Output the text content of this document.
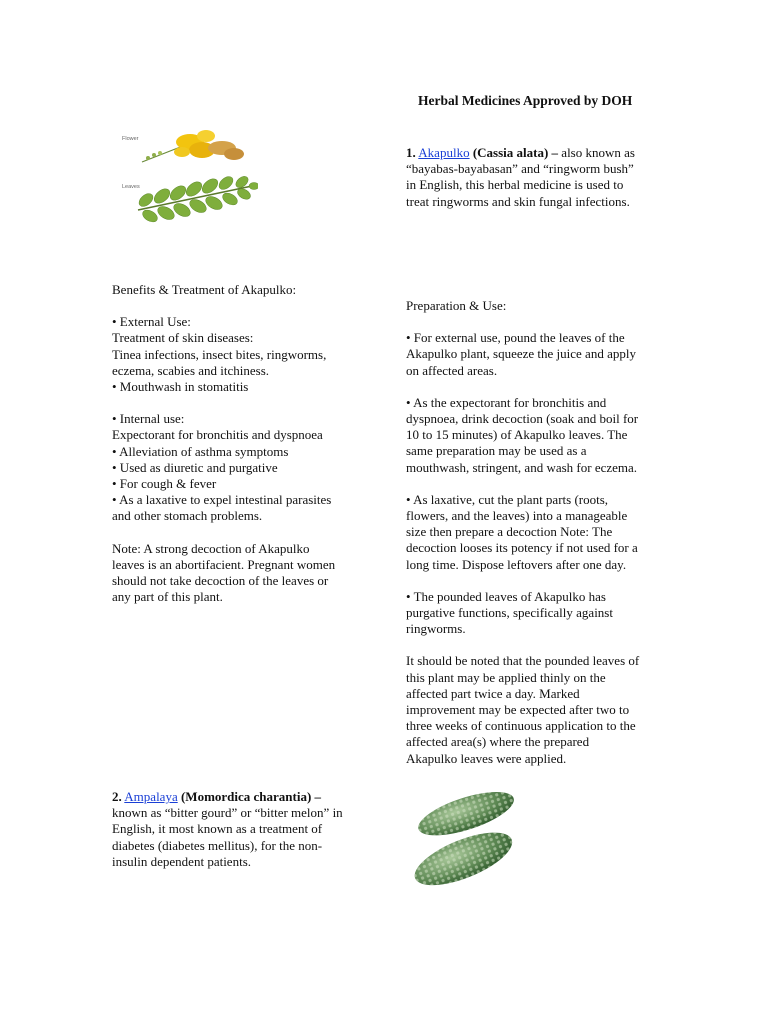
Herbal Medicines Approved by DOH
Flower
Leaves

1. Akapulko (Cassia alata) – also known as

“bayabas-bayabasan” and “ringworm bush”

in English, this herbal medicine is used to

treat ringworms and skin fungal infections.

Benefits & Treatment of Akapulko:

• External Use:

Treatment of skin diseases:

Tinea infections, insect bites, ringworms,

eczema, scabies and itchiness.

• Mouthwash in stomatitis

• Internal use:

Expectorant for bronchitis and dyspnoea

• Alleviation of asthma symptoms

• Used as diuretic and purgative

• For cough & fever

• As a laxative to expel intestinal parasites

and other stomach problems.

Note: A strong decoction of Akapulko

leaves is an abortifacient. Pregnant women

should not take decoction of the leaves or

any part of this plant.

Preparation & Use:

• For external use, pound the leaves of the

Akapulko plant, squeeze the juice and apply

on affected areas.

• As the expectorant for bronchitis and

dyspnoea, drink decoction (soak and boil for

10 to 15 minutes) of Akapulko leaves. The

same preparation may be used as a

mouthwash, stringent, and wash for eczema.

• As laxative, cut the plant parts (roots,

flowers, and the leaves) into a manageable

size then prepare a decoction Note: The

decoction looses its potency if not used for a

long time. Dispose leftovers after one day.

• The pounded leaves of Akapulko has

purgative functions, specifically against

ringworms.

It should be noted that the pounded leaves of

this plant may be applied thinly on the

affected part twice a day. Marked

improvement may be expected after two to

three weeks of continuous application to the

affected area(s) where the prepared

Akapulko leaves were applied.

2. Ampalaya (Momordica charantia) –

known as “bitter gourd” or “bitter melon” in

English, it most known as a treatment of

diabetes (diabetes mellitus), for the non-

insulin dependent patients.
